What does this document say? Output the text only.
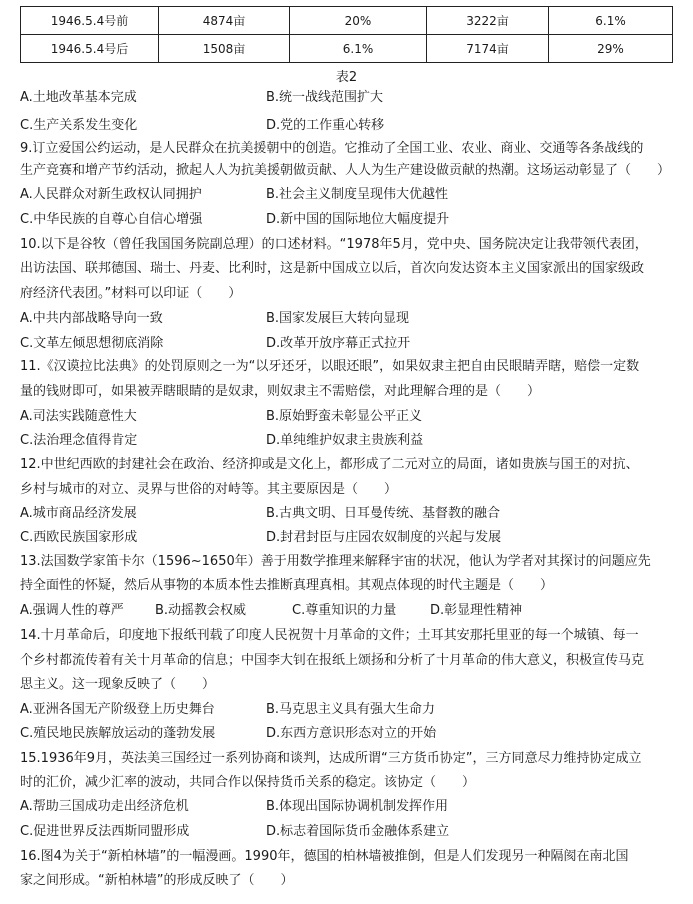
1946.5.4号前	4874亩	20%	3222亩	6.1%
1946.5.4号后	1508亩	6.1%	7174亩	29%
表2
A.土地改革基本完成	B.统一战线范围扩大
C.生产关系发生变化	D.党的工作重心转移
9.订立爱国公约运动，是人民群众在抗美援朝中的创造。它推动了全国工业、农业、商业、交通等各条战线的
生产竞赛和增产节约活动，掀起人人为抗美援朝做贡献、人人为生产建设做贡献的热潮。这场运动彰显了（　　）
A.人民群众对新生政权认同拥护	B.社会主义制度呈现伟大优越性
C.中华民族的自尊心自信心增强	D.新中国的国际地位大幅度提升
10.以下是谷牧（曾任我国国务院副总理）的口述材料。“1978年5月，党中央、国务院决定让我带领代表团，
出访法国、联邦德国、瑞士、丹麦、比利时，这是新中国成立以后，首次向发达资本主义国家派出的国家级政
府经济代表团。”材料可以印证（　　）
A.中共内部战略导向一致	B.国家发展巨大转向显现
C.文革左倾思想彻底消除	D.改革开放序幕正式拉开
11.《汉谟拉比法典》的处罚原则之一为“以牙还牙，以眼还眼”，如果奴隶主把自由民眼睛弄瞎，赔偿一定数
量的钱财即可，如果被弄瞎眼睛的是奴隶，则奴隶主不需赔偿，对此理解合理的是（　　）
A.司法实践随意性大	B.原始野蛮未彰显公平正义
C.法治理念值得肯定	D.单纯维护奴隶主贵族利益
12.中世纪西欧的封建社会在政治、经济抑或是文化上，都形成了二元对立的局面，诸如贵族与国王的对抗、
乡村与城市的对立、灵界与世俗的对峙等。其主要原因是（　　）
A.城市商品经济发展	B.古典文明、日耳曼传统、基督教的融合
C.西欧民族国家形成	D.封君封臣与庄园农奴制度的兴起与发展
13.法国数学家笛卡尔（1596~1650年）善于用数学推理来解释宇宙的状况，他认为学者对其探讨的问题应先
持全面性的怀疑，然后从事物的本质本性去推断真理真相。其观点体现的时代主题是（　　）
A.强调人性的尊严 B.动摇教会权威	C.尊重知识的力量	D.彰显理性精神
14.十月革命后，印度地下报纸刊载了印度人民祝贺十月革命的文件；土耳其安那托里亚的每一个城镇、每一
个乡村都流传着有关十月革命的信息；中国李大钊在报纸上颂扬和分析了十月革命的伟大意义，积极宣传马克
思主义。这一现象反映了（　　）
A.亚洲各国无产阶级登上历史舞台	B.马克思主义具有强大生命力
C.殖民地民族解放运动的蓬勃发展	D.东西方意识形态对立的开始
15.1936年9月，英法美三国经过一系列协商和谈判，达成所谓“三方货币协定”，三方同意尽力维持协定成立
时的汇价，减少汇率的波动，共同合作以保持货币关系的稳定。该协定（　　）
A.帮助三国成功走出经济危机	B.体现出国际协调机制发挥作用
C.促进世界反法西斯同盟形成	D.标志着国际货币金融体系建立
16.图4为关于“新柏林墙”的一幅漫画。1990年，德国的柏林墙被推倒，但是人们发现另一种隔阂在南北国
家之间形成。“新柏林墙”的形成反映了（　　）
